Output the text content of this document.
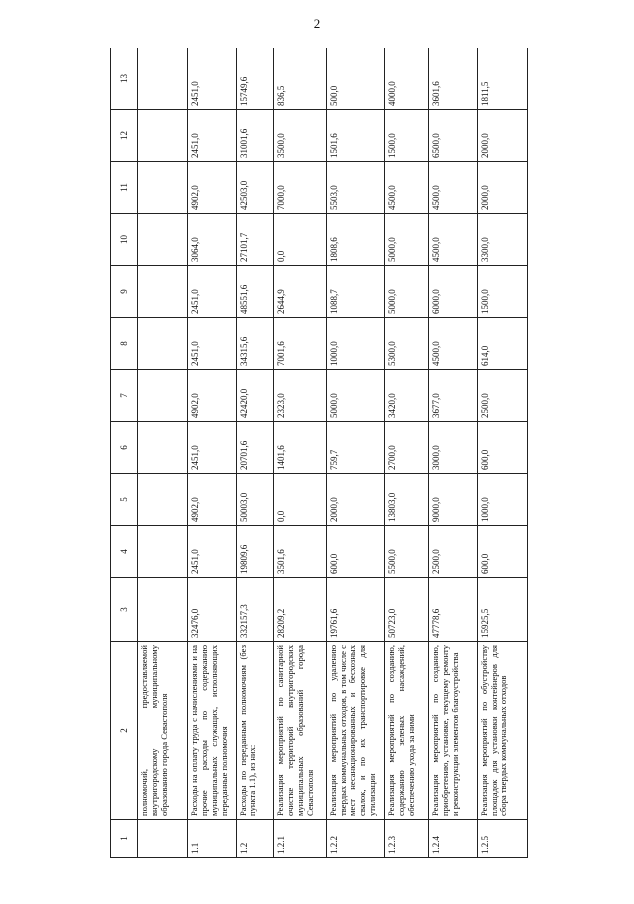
2
1	2	3	4	5	6	7	8	9	10	11	12	13
	полномочий, предоставляемой внутригородскому муниципальному образованию города Севастополя											
1.1	Расходы на оплату труда с начислениями и на прочие расходы по содержанию муниципальных служащих, исполняющих переданные полномочия	32476,0	2451,0	4902,0	2451,0	4902,0	2451,0	2451,0	3064,0	4902,0	2451,0	2451,0
1.2	Расходы по переданным полномочиям (без пункта 1.1), из них:	332157,3	19809,6	50003,0	20701,6	42420,0	34315,6	48551,6	27101,7	42503,0	31001,6	15749,6
1.2.1	Реализация мероприятий по санитарной очистке территорий внутригородских муниципальных образований города Севастополя	28209,2	3501,6	0,0	1401,6	2323,0	7001,6	2644,9	0,0	7000,0	3500,0	836,5
1.2.2	Реализация мероприятий по удалению твердых коммунальных отходов, в том числе с мест несанкционированных и бесхозных свалок, и по их транспортировке для утилизации	19761,6	600,0	2000,0	759,7	5000,0	1000,0	1088,7	1808,6	5503,0	1501,6	500,0
1.2.3	Реализация мероприятий по созданию, содержанию зеленых насаждений, обеспечению ухода за ними	50723,0	5500,0	13803,0	2700,0	3420,0	5300,0	5000,0	5000,0	4500,0	1500,0	4000,0
1.2.4	Реализация мероприятий по созданию, приобретению, установке, текущему ремонту и реконструкции элементов благоустройства	47778,6	2500,0	9000,0	3000,0	3677,0	4500,0	6000,0	4500,0	4500,0	6500,0	3601,6
1.2.5	Реализация мероприятий по обустройству площадок для установки контейнеров для сбора твердых коммунальных отходов	15925,5	600,0	1000,0	600,0	2500,0	614,0	1500,0	3300,0	2000,0	2000,0	1811,5
